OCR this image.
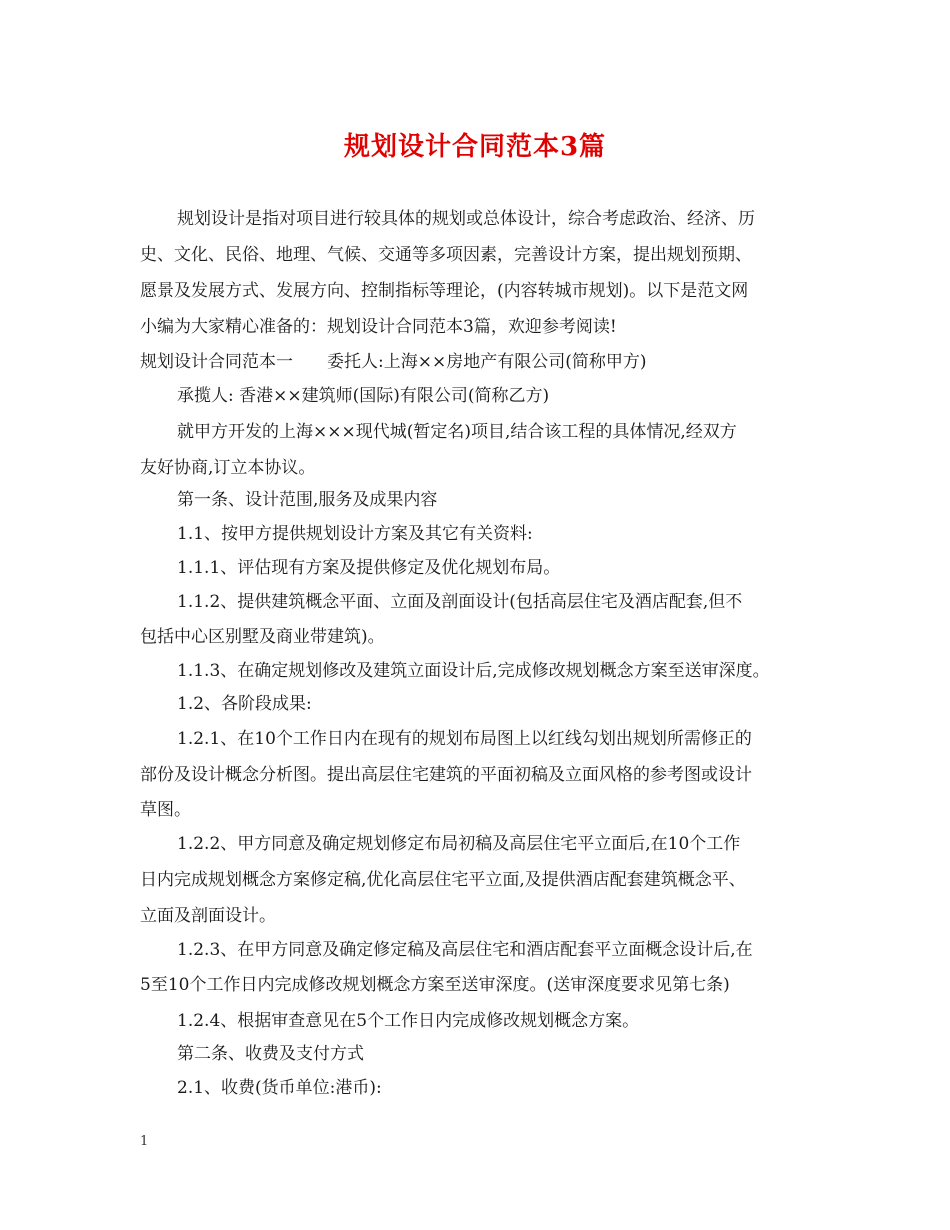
规划设计合同范本3篇
规划设计是指对项目进行较具体的规划或总体设计，综合考虑政治、经济、历
史、文化、民俗、地理、气候、交通等多项因素，完善设计方案，提出规划预期、
愿景及发展方式、发展方向、控制指标等理论，(内容转城市规划)。以下是范文网
小编为大家精心准备的：规划设计合同范本3篇，欢迎参考阅读!
规划设计合同范本一　　委托人:上海××房地产有限公司(简称甲方)
承揽人: 香港××建筑师(国际)有限公司(简称乙方)
就甲方开发的上海×××现代城(暂定名)项目,结合该工程的具体情况,经双方
友好协商,订立本协议。
第一条、设计范围,服务及成果内容
1.1、按甲方提供规划设计方案及其它有关资料:
1.1.1、评估现有方案及提供修定及优化规划布局。
1.1.2、提供建筑概念平面、立面及剖面设计(包括高层住宅及酒店配套,但不
包括中心区别墅及商业带建筑)。
1.1.3、在确定规划修改及建筑立面设计后,完成修改规划概念方案至送审深度。
1.2、各阶段成果:
1.2.1、在10个工作日内在现有的规划布局图上以红线勾划出规划所需修正的
部份及设计概念分析图。提出高层住宅建筑的平面初稿及立面风格的参考图或设计
草图。
1.2.2、甲方同意及确定规划修定布局初稿及高层住宅平立面后,在10个工作
日内完成规划概念方案修定稿,优化高层住宅平立面,及提供酒店配套建筑概念平、
立面及剖面设计。
1.2.3、在甲方同意及确定修定稿及高层住宅和酒店配套平立面概念设计后,在
5至10个工作日内完成修改规划概念方案至送审深度。(送审深度要求见第七条)
1.2.4、根据审查意见在5个工作日内完成修改规划概念方案。
第二条、收费及支付方式
2.1、收费(货币单位:港币):
1
